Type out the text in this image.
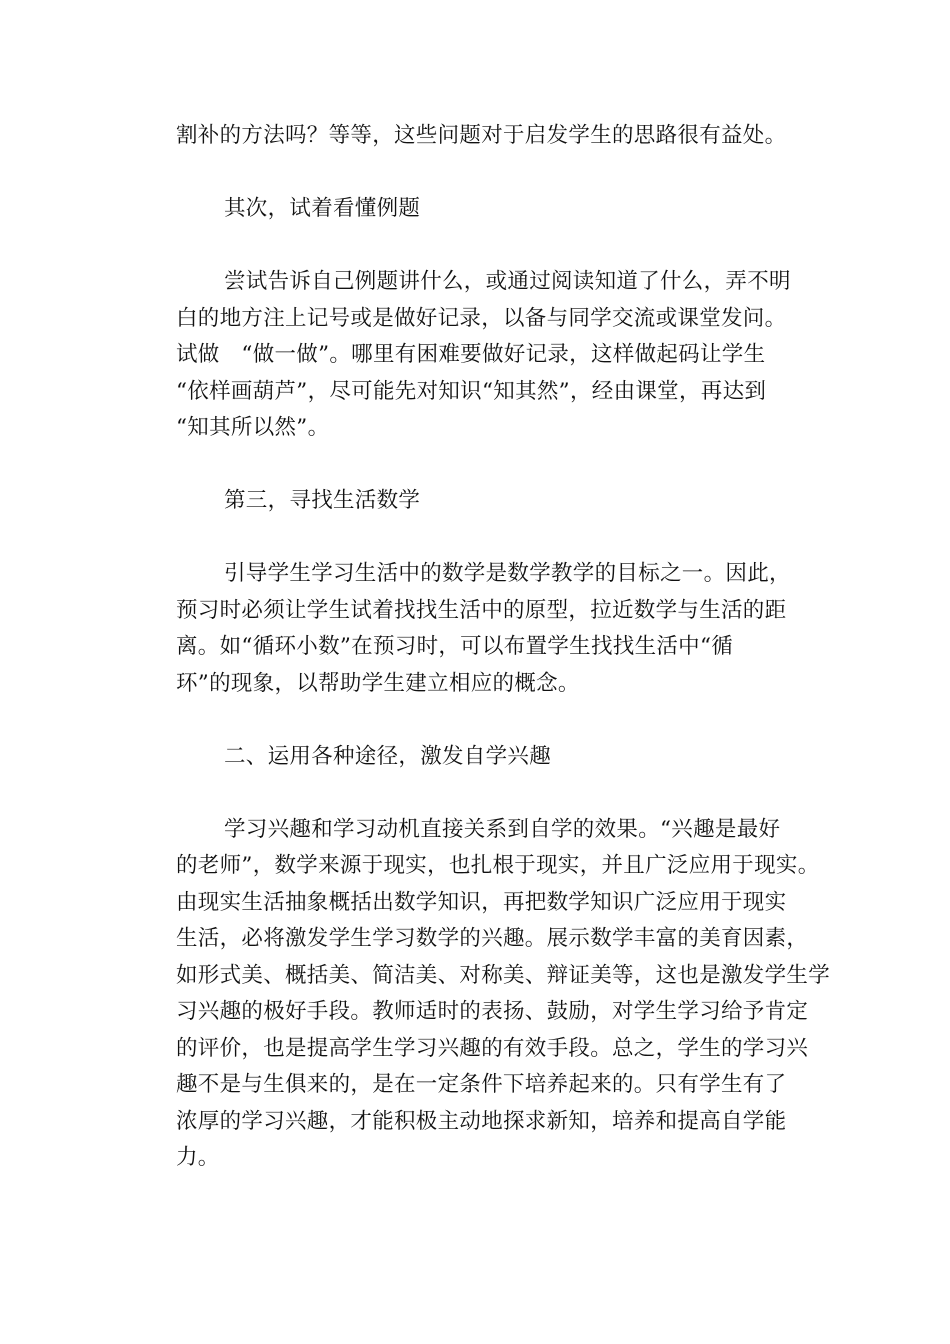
割补的方法吗？等等，这些问题对于启发学生的思路很有益处。

其次，试着看懂例题

尝试告诉自己例题讲什么，或通过阅读知道了什么，弄不明
白的地方注上记号或是做好记录，以备与同学交流或课堂发问。
试做　“做一做”。哪里有困难要做好记录，这样做起码让学生
“依样画葫芦”，尽可能先对知识“知其然”，经由课堂，再达到
“知其所以然”。

第三，寻找生活数学

引导学生学习生活中的数学是数学教学的目标之一。因此，
预习时必须让学生试着找找生活中的原型，拉近数学与生活的距
离。如“循环小数”在预习时，可以布置学生找找生活中“循
环”的现象，以帮助学生建立相应的概念。

二、运用各种途径，激发自学兴趣

学习兴趣和学习动机直接关系到自学的效果。“兴趣是最好
的老师”，数学来源于现实，也扎根于现实，并且广泛应用于现实。
由现实生活抽象概括出数学知识，再把数学知识广泛应用于现实
生活，必将激发学生学习数学的兴趣。展示数学丰富的美育因素，
如形式美、概括美、简洁美、对称美、辩证美等，这也是激发学生学
习兴趣的极好手段。教师适时的表扬、鼓励，对学生学习给予肯定
的评价，也是提高学生学习兴趣的有效手段。总之，学生的学习兴
趣不是与生俱来的，是在一定条件下培养起来的。只有学生有了
浓厚的学习兴趣，才能积极主动地探求新知，培养和提高自学能
力。
